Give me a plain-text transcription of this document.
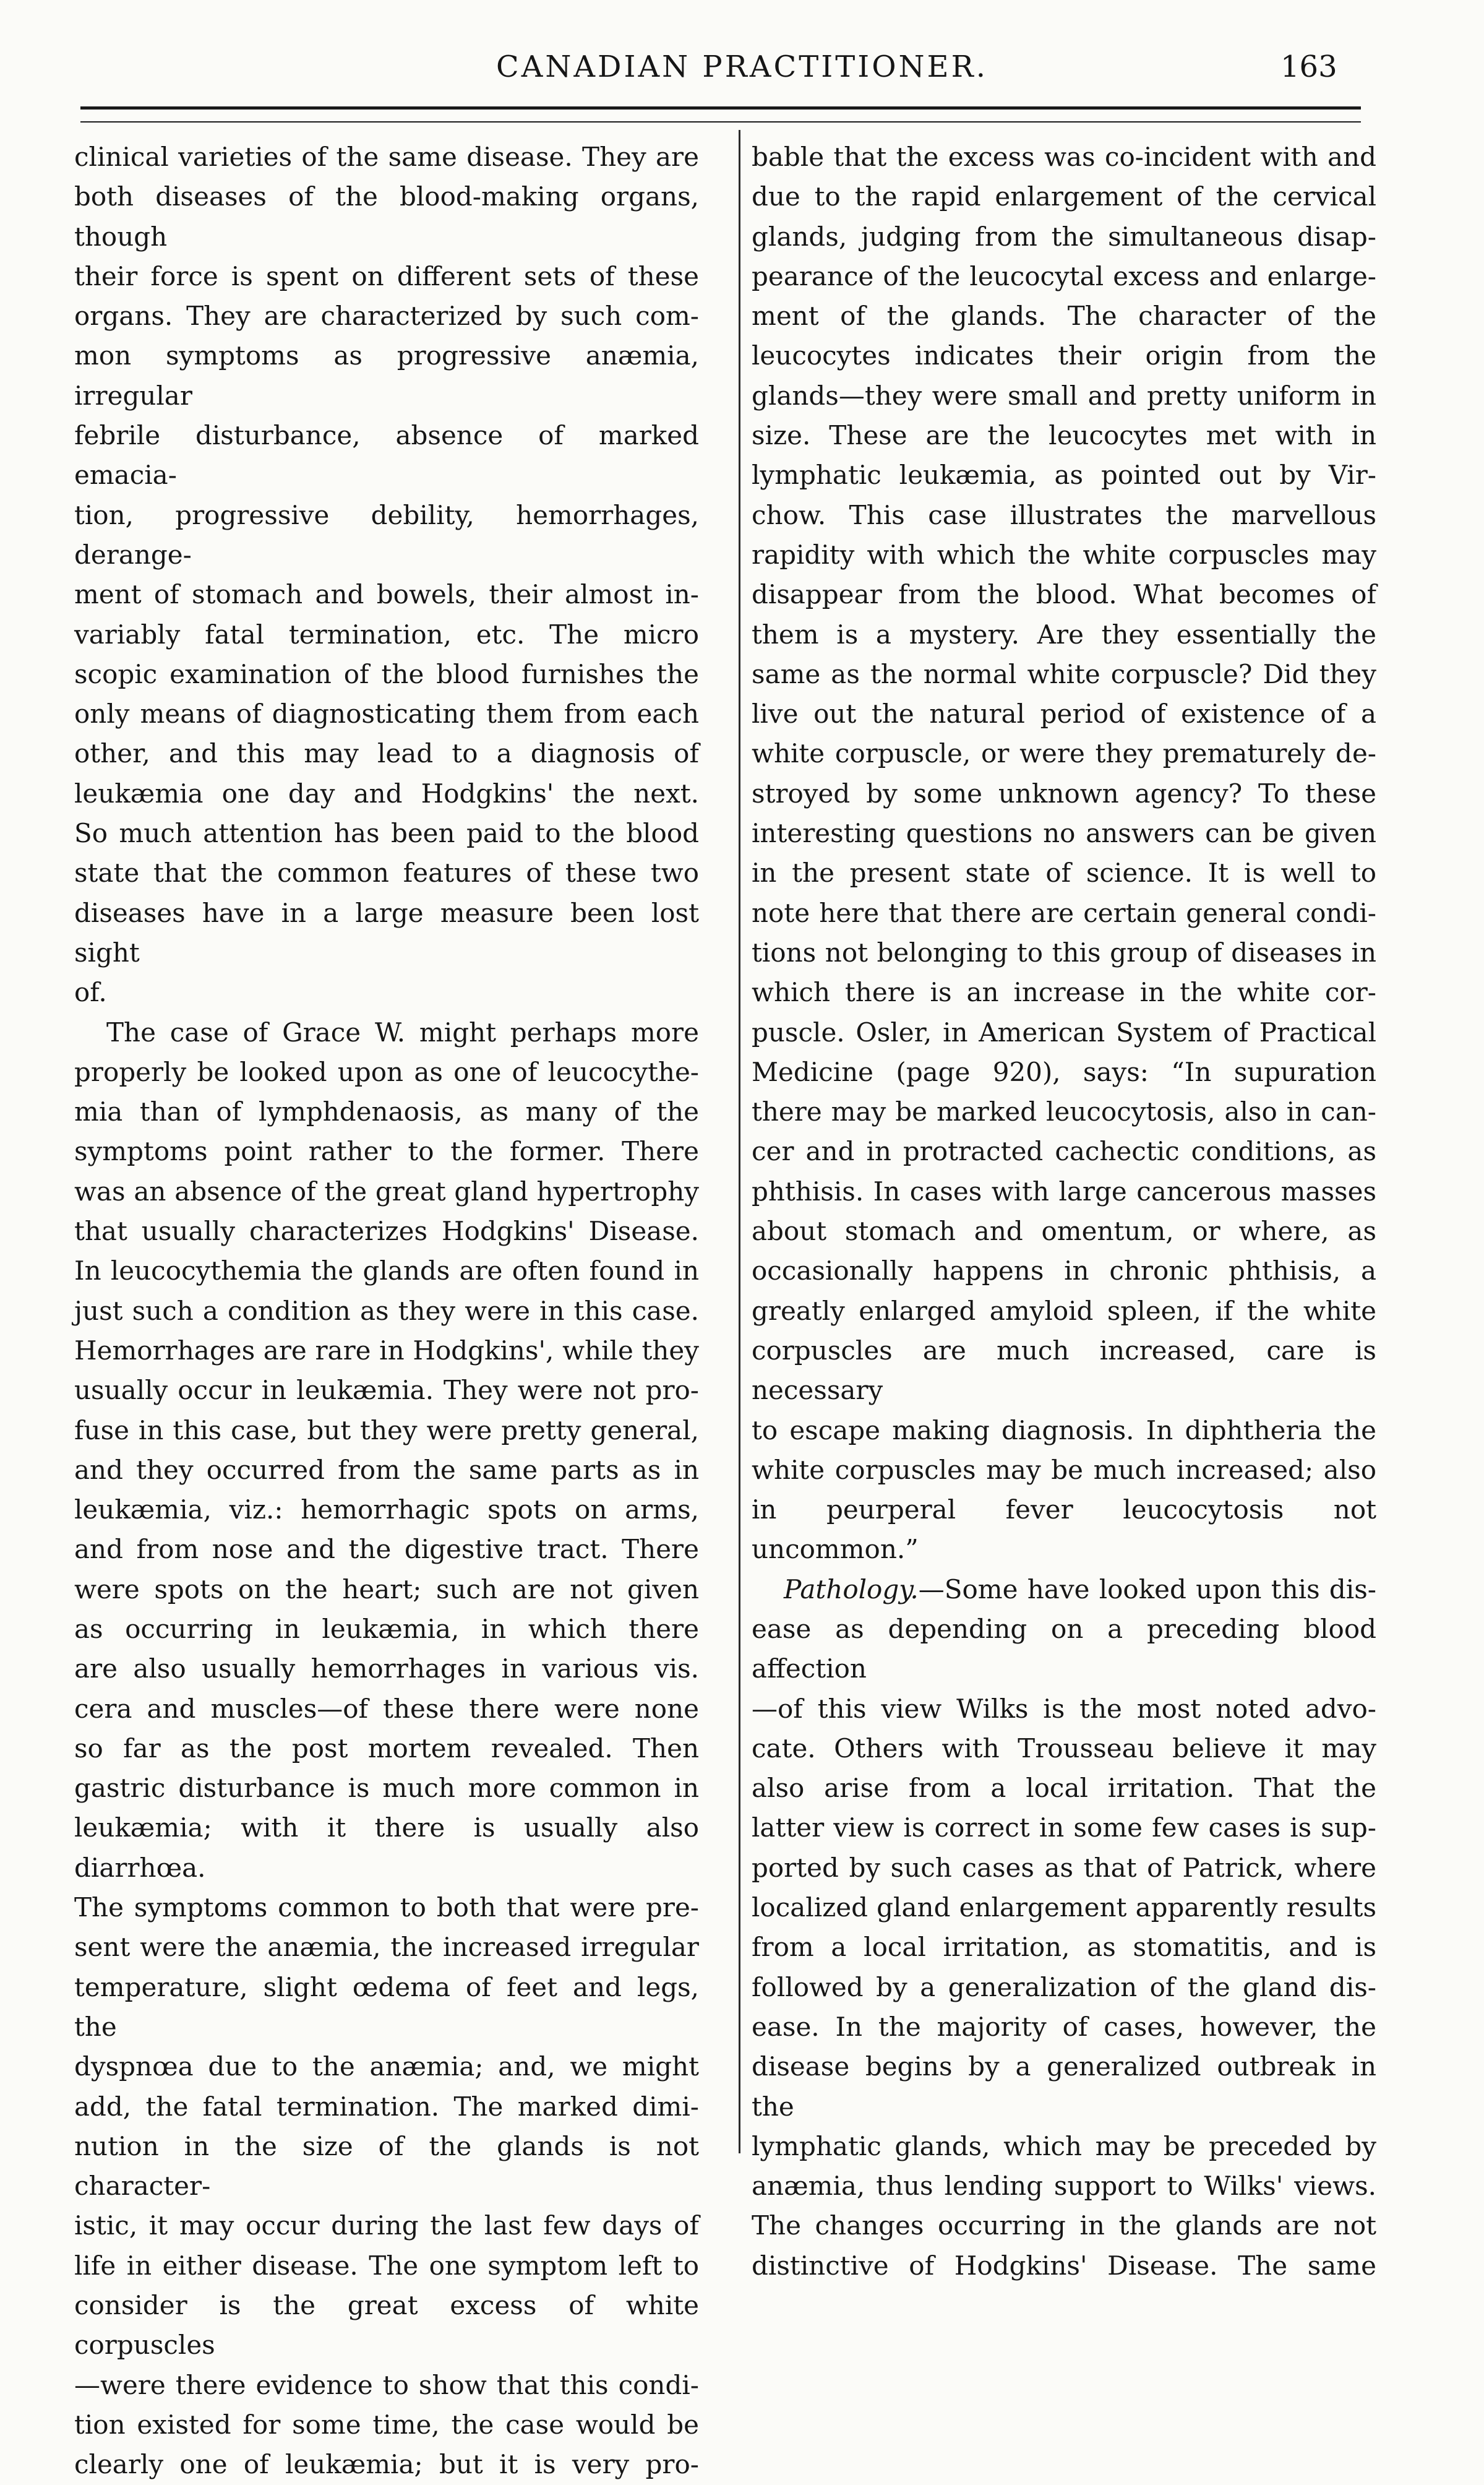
CANADIAN PRACTITIONER.	163

clinical varieties of the same disease. They are

both diseases of the blood-making organs, though

their force is spent on different sets of these

organs. They are characterized by such com-

mon symptoms as progressive anæmia, irregular

febrile disturbance, absence of marked emacia-

tion, progressive debility, hemorrhages, derange-

ment of stomach and bowels, their almost in-

variably fatal termination, etc. The micro

scopic examination of the blood furnishes the

only means of diagnosticating them from each

other, and this may lead to a diagnosis of

leukæmia one day and Hodgkins' the next.

So much attention has been paid to the blood

state that the common features of these two

diseases have in a large measure been lost sight

of.

The case of Grace W. might perhaps more

properly be looked upon as one of leucocythe-

mia than of lymphdenaosis, as many of the

symptoms point rather to the former. There

was an absence of the great gland hypertrophy

that usually characterizes Hodgkins' Disease.

In leucocythemia the glands are often found in

just such a condition as they were in this case.

Hemorrhages are rare in Hodgkins', while they

usually occur in leukæmia. They were not pro-

fuse in this case, but they were pretty general,

and they occurred from the same parts as in

leukæmia, viz.: hemorrhagic spots on arms,

and from nose and the digestive tract. There

were spots on the heart; such are not given

as occurring in leukæmia, in which there

are also usually hemorrhages in various vis.

cera and muscles—of these there were none

so far as the post mortem revealed. Then

gastric disturbance is much more common in

leukæmia; with it there is usually also diarrhœa.

The symptoms common to both that were pre-

sent were the anæmia, the increased irregular

temperature, slight œdema of feet and legs, the

dyspnœa due to the anæmia; and, we might

add, the fatal termination. The marked dimi-

nution in the size of the glands is not character-

istic, it may occur during the last few days of

life in either disease. The one symptom left to

consider is the great excess of white corpuscles

—were there evidence to show that this condi-

tion existed for some time, the case would be

clearly one of leukæmia; but it is very pro-

bable that the excess was co-incident with and

due to the rapid enlargement of the cervical

glands, judging from the simultaneous disap-

pearance of the leucocytal excess and enlarge-

ment of the glands. The character of the

leucocytes indicates their origin from the

glands—they were small and pretty uniform in

size. These are the leucocytes met with in

lymphatic leukæmia, as pointed out by Vir-

chow. This case illustrates the marvellous

rapidity with which the white corpuscles may

disappear from the blood. What becomes of

them is a mystery. Are they essentially the

same as the normal white corpuscle? Did they

live out the natural period of existence of a

white corpuscle, or were they prematurely de-

stroyed by some unknown agency? To these

interesting questions no answers can be given

in the present state of science. It is well to

note here that there are certain general condi-

tions not belonging to this group of diseases in

which there is an increase in the white cor-

puscle. Osler, in American System of Practical

Medicine (page 920), says: “In supuration

there may be marked leucocytosis, also in can-

cer and in protracted cachectic conditions, as

phthisis. In cases with large cancerous masses

about stomach and omentum, or where, as

occasionally happens in chronic phthisis, a

greatly enlarged amyloid spleen, if the white

corpuscles are much increased, care is necessary

to escape making diagnosis. In diphtheria the

white corpuscles may be much increased; also

in peurperal fever leucocytosis not uncommon.”

Pathology.—Some have looked upon this dis-

ease as depending on a preceding blood affection

—of this view Wilks is the most noted advo-

cate. Others with Trousseau believe it may

also arise from a local irritation. That the

latter view is correct in some few cases is sup-

ported by such cases as that of Patrick, where

localized gland enlargement apparently results

from a local irritation, as stomatitis, and is

followed by a generalization of the gland dis-

ease. In the majority of cases, however, the

disease begins by a generalized outbreak in the

lymphatic glands, which may be preceded by

anæmia, thus lending support to Wilks' views.

The changes occurring in the glands are not

distinctive of Hodgkins' Disease. The same
